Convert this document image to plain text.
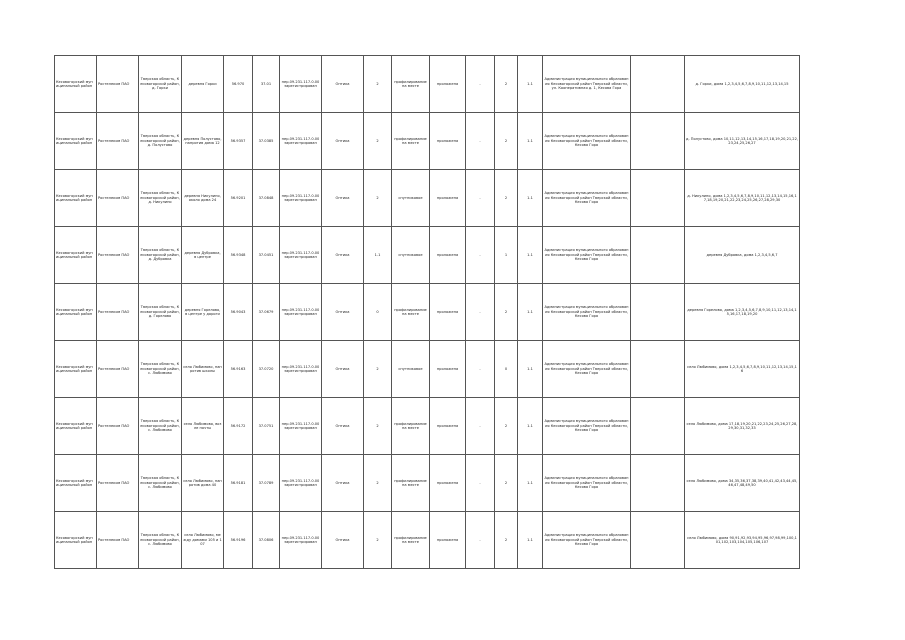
Кесовогорский муниципальный район	Ростелеком ПАО	Тверская область, Кесовогорский район, д. Горки	деревня Горки	56.970	37.01	пер.09.231.117.0.00 зарегистрирован	Оптика	2	профилирование на месте	проложена	-	2	1.1	Администрация муниципального образования Кесовогорский район Тверской области, ул. Кооперативная д. 1, Кесова Гора		д. Горки, дома 1,2,3,4,5,6,7,8,9,10,11,12,13,14,15
Кесовогорский муниципальный район	Ростелеком ПАО	Тверская область, Кесовогорский район, д. Полустово	деревня Полустово, напротив дома 12	56.9357	37.0385	пер.09.231.117.0.00 зарегистрирован	Оптика	2	профилирование на месте	проложена	-	2	1.1	Администрация муниципального образования Кесовогорский район Тверской области, Кесова Гора		д. Полустово, дома 10,11,12,13,14,15,16,17,18,19,20,21,22,23,24,25,26,27
Кесовогорский муниципальный район	Ростелеком ПАО	Тверская область, Кесовогорский район, д. Никулино	деревня Никулино, около дома 24	56.9201	37.0848	пер.09.231.117.0.00 зарегистрирован	Оптика	2	спутниковое	проложена	-	2	1.1	Администрация муниципального образования Кесовогорский район Тверской области, Кесова Гора		д. Никулино, дома 1,2,3,4,5,6,7,8,9,10,11,12,13,14,15,16,17,18,19,20,21,22,23,24,25,26,27,28,29,30
Кесовогорский муниципальный район	Ростелеком ПАО	Тверская область, Кесовогорский район, д. Дубровка	деревня Дубровка, в центре	56.9348	37.0451	пер.09.231.117.0.00 зарегистрирован	Оптика	1.1	спутниковое	проложена	-	1	1.1	Администрация муниципального образования Кесовогорский район Тверской области, Кесова Гора		деревня Дубровка, дома 1,2,3,4,5,6,7
Кесовогорский муниципальный район	Ростелеком ПАО	Тверская область, Кесовогорский район, д. Горелово	деревня Горелово, в центре у дороги	56.9043	37.0679	пер.09.231.117.0.00 зарегистрирован	Оптика	0	профилирование на месте	проложена	-	2	1.1	Администрация муниципального образования Кесовогорский район Тверской области, Кесова Гора		деревня Горелово, дома 1,2,3,4,5,6,7,8,9,10,11,12,13,14,15,16,17,18,19,20
Кесовогорский муниципальный район	Ростелеком ПАО	Тверская область, Кесовогорский район, с. Любимово	село Любимово, напротив школы	56.9163	37.0720	пер.09.231.117.0.00 зарегистрирован	Оптика	2	спутниковое	проложена	-	0	1.1	Администрация муниципального образования Кесовогорский район Тверской области, Кесова Гора		село Любимово, дома 1,2,3,4,5,6,7,8,9,10,11,12,13,14,15,16
Кесовогорский муниципальный район	Ростелеком ПАО	Тверская область, Кесовогорский район, с. Любимово	село Любимово, возле почты	56.9172	37.0751	пер.09.231.117.0.00 зарегистрирован	Оптика	2	профилирование на месте	проложена	-	2	1.1	Администрация муниципального образования Кесовогорский район Тверской области, Кесова Гора		село Любимово, дома 17,18,19,20,21,22,23,24,25,26,27,28,29,30,31,32,33
Кесовогорский муниципальный район	Ростелеком ПАО	Тверская область, Кесовогорский район, с. Любимово	село Любимово, напротив дома 40	56.9181	37.0789	пер.09.231.117.0.00 зарегистрирован	Оптика	2	профилирование на месте	проложена	-	2	1.1	Администрация муниципального образования Кесовогорский район Тверской области, Кесова Гора		село Любимово, дома 34,35,36,37,38,39,40,41,42,43,44,45,46,47,48,49,50
Кесовогорский муниципальный район	Ростелеком ПАО	Тверская область, Кесовогорский район, с. Любимово	село Любимово, между домами 105 и 107	56.9196	37.0806	пер.09.231.117.0.00 зарегистрирован	Оптика	2	профилирование на месте	проложена	-	2	1.1	Администрация муниципального образования Кесовогорский район Тверской области, Кесова Гора		село Любимово, дома 90,91,92,93,94,95,96,97,98,99,100,101,102,103,104,105,106,107
